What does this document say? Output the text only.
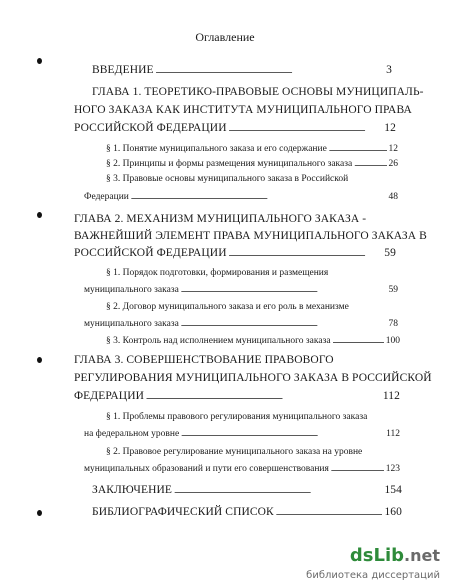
Оглавление
ВВЕДЕНИЕ . . .	3
ГЛАВА 1. ТЕОРЕТИКО-ПРАВОВЫЕ ОСНОВЫ МУНИЦИПАЛЬ-
НОГО ЗАКАЗА КАК ИНСТИТУТА МУНИЦИПАЛЬНОГО ПРАВА
РОССИЙСКОЙ ФЕДЕРАЦИИ . . .	12
§ 1. Понятие муниципального заказа и его содержание . . .	12
§ 2. Принципы и формы размещения муниципального заказа . . .	26
§ 3. Правовые основы муниципального заказа в Российской
Федерации . . .	48
ГЛАВА 2. МЕХАНИЗМ МУНИЦИПАЛЬНОГО ЗАКАЗА -
ВАЖНЕЙШИЙ ЭЛЕМЕНТ ПРАВА МУНИЦИПАЛЬНОГО ЗАКАЗА В
РОССИЙСКОЙ ФЕДЕРАЦИИ . . .	59
§ 1. Порядок подготовки, формирования и размещения
муниципального заказа . . .	59
§ 2. Договор муниципального заказа и его роль в механизме
муниципального заказа . . .	78
§ 3. Контроль над исполнением муниципального заказа . . .	100
ГЛАВА 3. СОВЕРШЕНСТВОВАНИЕ ПРАВОВОГО
РЕГУЛИРОВАНИЯ МУНИЦИПАЛЬНОГО ЗАКАЗА В РОССИЙСКОЙ
ФЕДЕРАЦИИ . . .	112
§ 1. Проблемы правового регулирования муниципального заказа
на федеральном уровне . . .	112
§ 2. Правовое регулирование муниципального заказа на уровне
муниципальных образований и пути его совершенствования . . .	123
ЗАКЛЮЧЕНИЕ . . .	154
БИБЛИОГРАФИЧЕСКИЙ СПИСОК . . .	160
ds Lib .net
библиотека диссертаций
